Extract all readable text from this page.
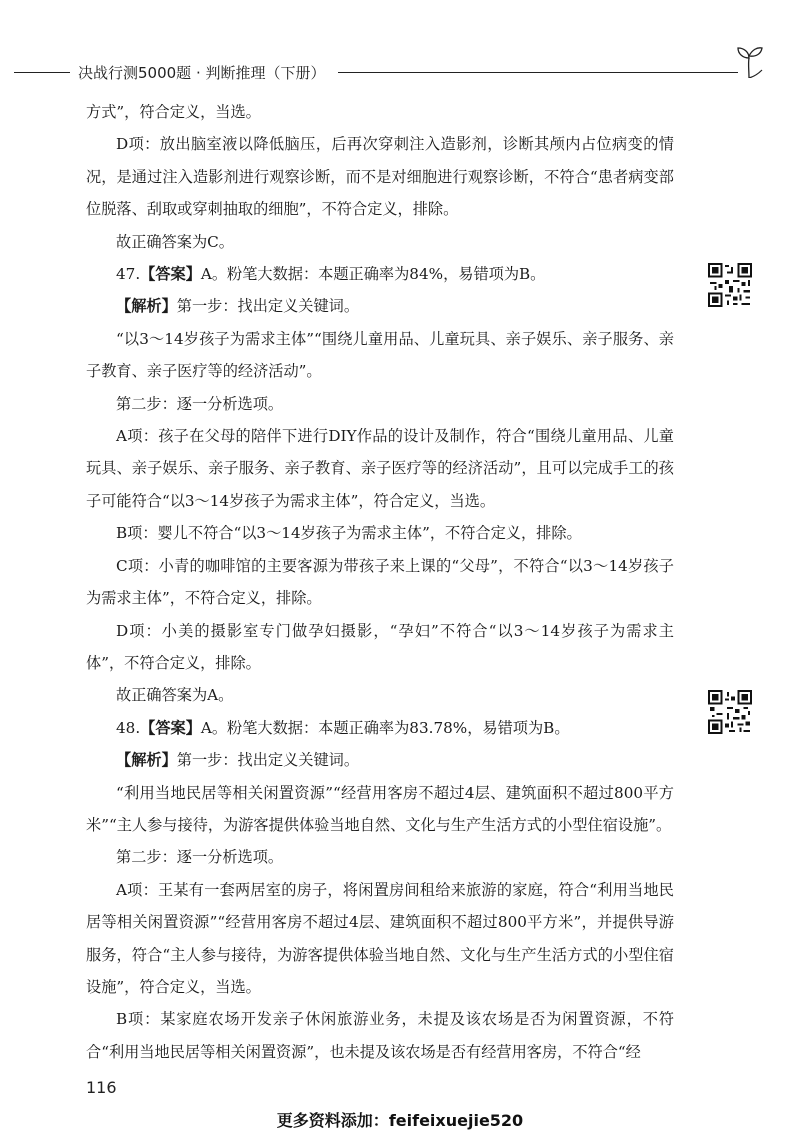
决战行测5000题 · 判断推理（下册）

方式”，符合定义，当选。

D项：放出脑室液以降低脑压，后再次穿刺注入造影剂，诊断其颅内占位病变的情况，是通过注入造影剂进行观察诊断，而不是对细胞进行观察诊断，不符合“患者病变部位脱落、刮取或穿刺抽取的细胞”，不符合定义，排除。

故正确答案为C。

47.【答案】A。粉笔大数据：本题正确率为84%，易错项为B。

【解析】第一步：找出定义关键词。

“以3～14岁孩子为需求主体”“围绕儿童用品、儿童玩具、亲子娱乐、亲子服务、亲子教育、亲子医疗等的经济活动”。

第二步：逐一分析选项。

A项：孩子在父母的陪伴下进行DIY作品的设计及制作，符合“围绕儿童用品、儿童玩具、亲子娱乐、亲子服务、亲子教育、亲子医疗等的经济活动”，且可以完成手工的孩子可能符合“以3～14岁孩子为需求主体”，符合定义，当选。

B项：婴儿不符合“以3～14岁孩子为需求主体”，不符合定义，排除。

C项：小青的咖啡馆的主要客源为带孩子来上课的“父母”，不符合“以3～14岁孩子为需求主体”，不符合定义，排除。

D项：小美的摄影室专门做孕妇摄影，“孕妇”不符合“以3～14岁孩子为需求主体”，不符合定义，排除。

故正确答案为A。

48.【答案】A。粉笔大数据：本题正确率为83.78%，易错项为B。

【解析】第一步：找出定义关键词。

“利用当地民居等相关闲置资源”“经营用客房不超过4层、建筑面积不超过800平方米”“主人参与接待，为游客提供体验当地自然、文化与生产生活方式的小型住宿设施”。

第二步：逐一分析选项。

A项：王某有一套两居室的房子，将闲置房间租给来旅游的家庭，符合“利用当地民居等相关闲置资源”“经营用客房不超过4层、建筑面积不超过800平方米”，并提供导游服务，符合“主人参与接待，为游客提供体验当地自然、文化与生产生活方式的小型住宿设施”，符合定义，当选。

B项：某家庭农场开发亲子休闲旅游业务，未提及该农场是否为闲置资源，不符合“利用当地民居等相关闲置资源”，也未提及该农场是否有经营用客房，不符合“经

116
更多资料添加：feifeixuejie520
